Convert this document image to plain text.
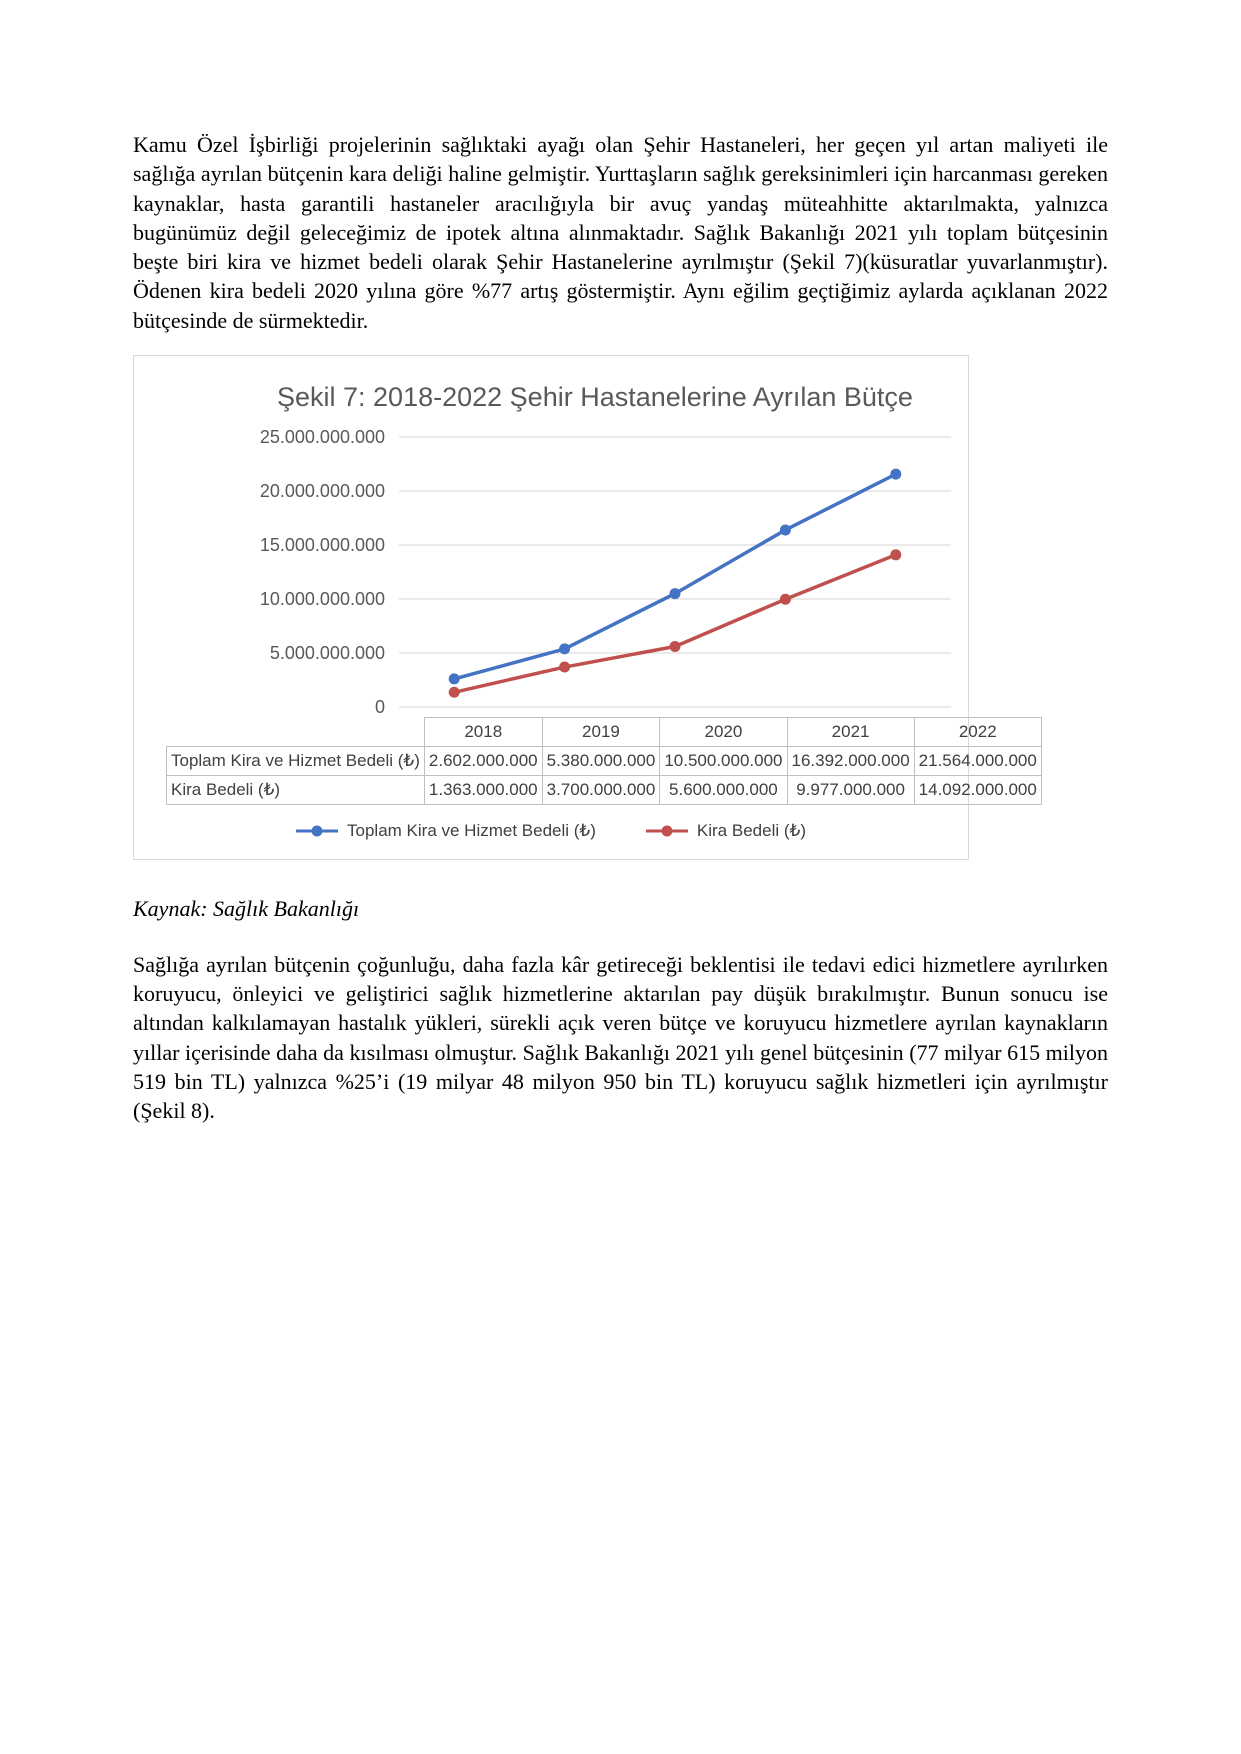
Kamu Özel İşbirliği projelerinin sağlıktaki ayağı olan Şehir Hastaneleri, her geçen yıl artan maliyeti ile sağlığa ayrılan bütçenin kara deliği haline gelmiştir. Yurttaşların sağlık gereksinimleri için harcanması gereken kaynaklar, hasta garantili hastaneler aracılığıyla bir avuç yandaş müteahhitte aktarılmakta, yalnızca bugünümüz değil geleceğimiz de ipotek altına alınmaktadır. Sağlık Bakanlığı 2021 yılı toplam bütçesinin beşte biri kira ve hizmet bedeli olarak Şehir Hastanelerine ayrılmıştır (Şekil 7)(küsuratlar yuvarlanmıştır). Ödenen kira bedeli 2020 yılına göre %77 artış göstermiştir. Aynı eğilim geçtiğimiz aylarda açıklanan 2022 bütçesinde de sürmektedir.

Şekil 7: 2018-2022 Şehir Hastanelerine Ayrılan Bütçe
25.000.000.000
20.000.000.000
15.000.000.000
10.000.000.000
5.000.000.000
0
	2018	2019	2020	2021	2022
Toplam Kira ve Hizmet Bedeli (₺)	2.602.000.000	5.380.000.000	10.500.000.000	16.392.000.000	21.564.000.000
Kira Bedeli (₺)	1.363.000.000	3.700.000.000	5.600.000.000	9.977.000.000	14.092.000.000
Toplam Kira ve Hizmet Bedeli (₺)	Kira Bedeli (₺)

Kaynak: Sağlık Bakanlığı

Sağlığa ayrılan bütçenin çoğunluğu, daha fazla kâr getireceği beklentisi ile tedavi edici hizmetlere ayrılırken koruyucu, önleyici ve geliştirici sağlık hizmetlerine aktarılan pay düşük bırakılmıştır. Bunun sonucu ise altından kalkılamayan hastalık yükleri, sürekli açık veren bütçe ve koruyucu hizmetlere ayrılan kaynakların yıllar içerisinde daha da kısılması olmuştur. Sağlık Bakanlığı 2021 yılı genel bütçesinin (77 milyar 615 milyon 519 bin TL) yalnızca %25’i (19 milyar 48 milyon 950 bin TL) koruyucu sağlık hizmetleri için ayrılmıştır (Şekil 8).
